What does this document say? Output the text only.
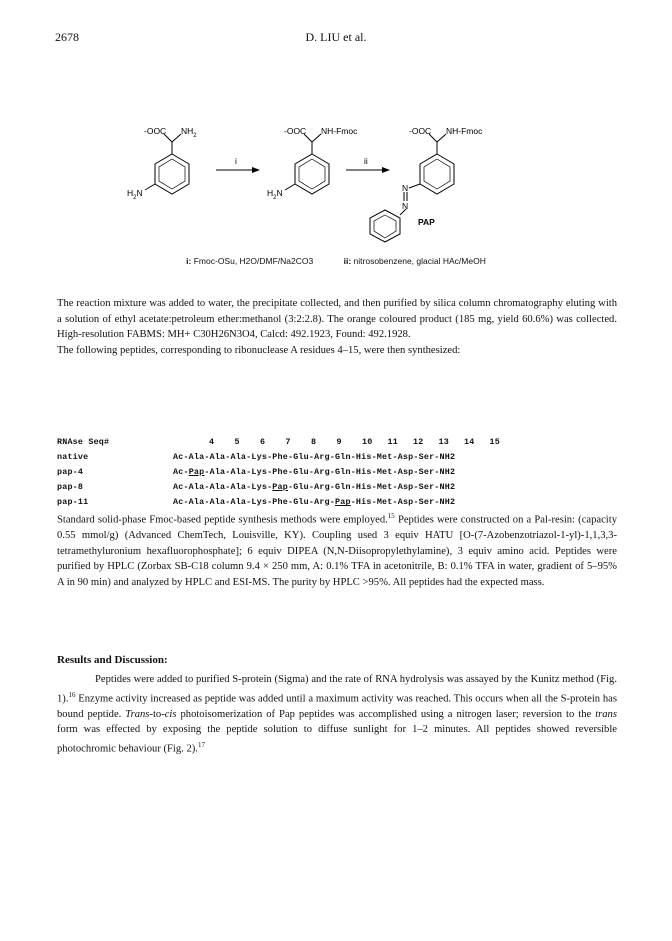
2678	D. LIU et al.
-OOC $NH_2$
$H_2N$
-OOC NH-Fmoc
$H_2N$
-OOC NH-Fmoc
N
N
PAP
i	ii
i: Fmoc-OSu, H2O/DMF/Na2CO3	ii: nitrosobenzene, glacial HAc/MeOH

The reaction mixture was added to water, the precipitate collected, and then purified by silica column chromatography eluting with a solution of ethyl acetate:petroleum ether:methanol (3:2:2.8). The orange coloured product (185 mg, yield 60.6%) was collected. High-resolution FABMS: MH+ C30H26N3O4, Calcd: 492.1923, Found: 492.1928.

The following peptides, corresponding to ribonuclease A residues 4–15, were then synthesized:

RNAse Seq#	4	5	6	7	8	9	10	11	12	13	14	15
native	Ac-Ala-Ala-Ala-Lys-Phe-Glu-Arg-Gln-His-Met-Asp-Ser-NH2
pap-4	Ac-Pap-Ala-Ala-Lys-Phe-Glu-Arg-Gln-His-Met-Asp-Ser-NH2
pap-8	Ac-Ala-Ala-Ala-Lys-Pap-Glu-Arg-Gln-His-Met-Asp-Ser-NH2
pap-11	Ac-Ala-Ala-Ala-Lys-Phe-Glu-Arg-Pap-His-Met-Asp-Ser-NH2

Standard solid-phase Fmoc-based peptide synthesis methods were employed.$^{15}$ Peptides were constructed on a Pal-resin: (capacity 0.55 mmol/g) (Advanced ChemTech, Louisville, KY). Coupling used 3 equiv HATU [O-(7-Azobenzotriazol-1-yl)-1,1,3,3-tetramethyluronium hexafluorophosphate]; 6 equiv DIPEA (N,N-Diisopropylethylamine), 3 equiv amino acid. Peptides were purified by HPLC (Zorbax SB-C18 column 9.4 × 250 mm, A: 0.1% TFA in acetonitrile, B: 0.1% TFA in water, gradient of 5–95% A in 90 min) and analyzed by HPLC and ESI-MS. The purity by HPLC >95%. All peptides had the expected mass.

Results and Discussion:

Peptides were added to purified S-protein (Sigma) and the rate of RNA hydrolysis was assayed by the Kunitz method (Fig. 1).$^{16}$ Enzyme activity increased as peptide was added until a maximum activity was reached. This occurs when all the S-protein has bound peptide. Trans-to-cis photoisomerization of Pap peptides was accomplished using a nitrogen laser; reversion to the trans form was effected by exposing the peptide solution to diffuse sunlight for 1–2 minutes. All peptides showed reversible photochromic behaviour (Fig. 2).$^{17}$
